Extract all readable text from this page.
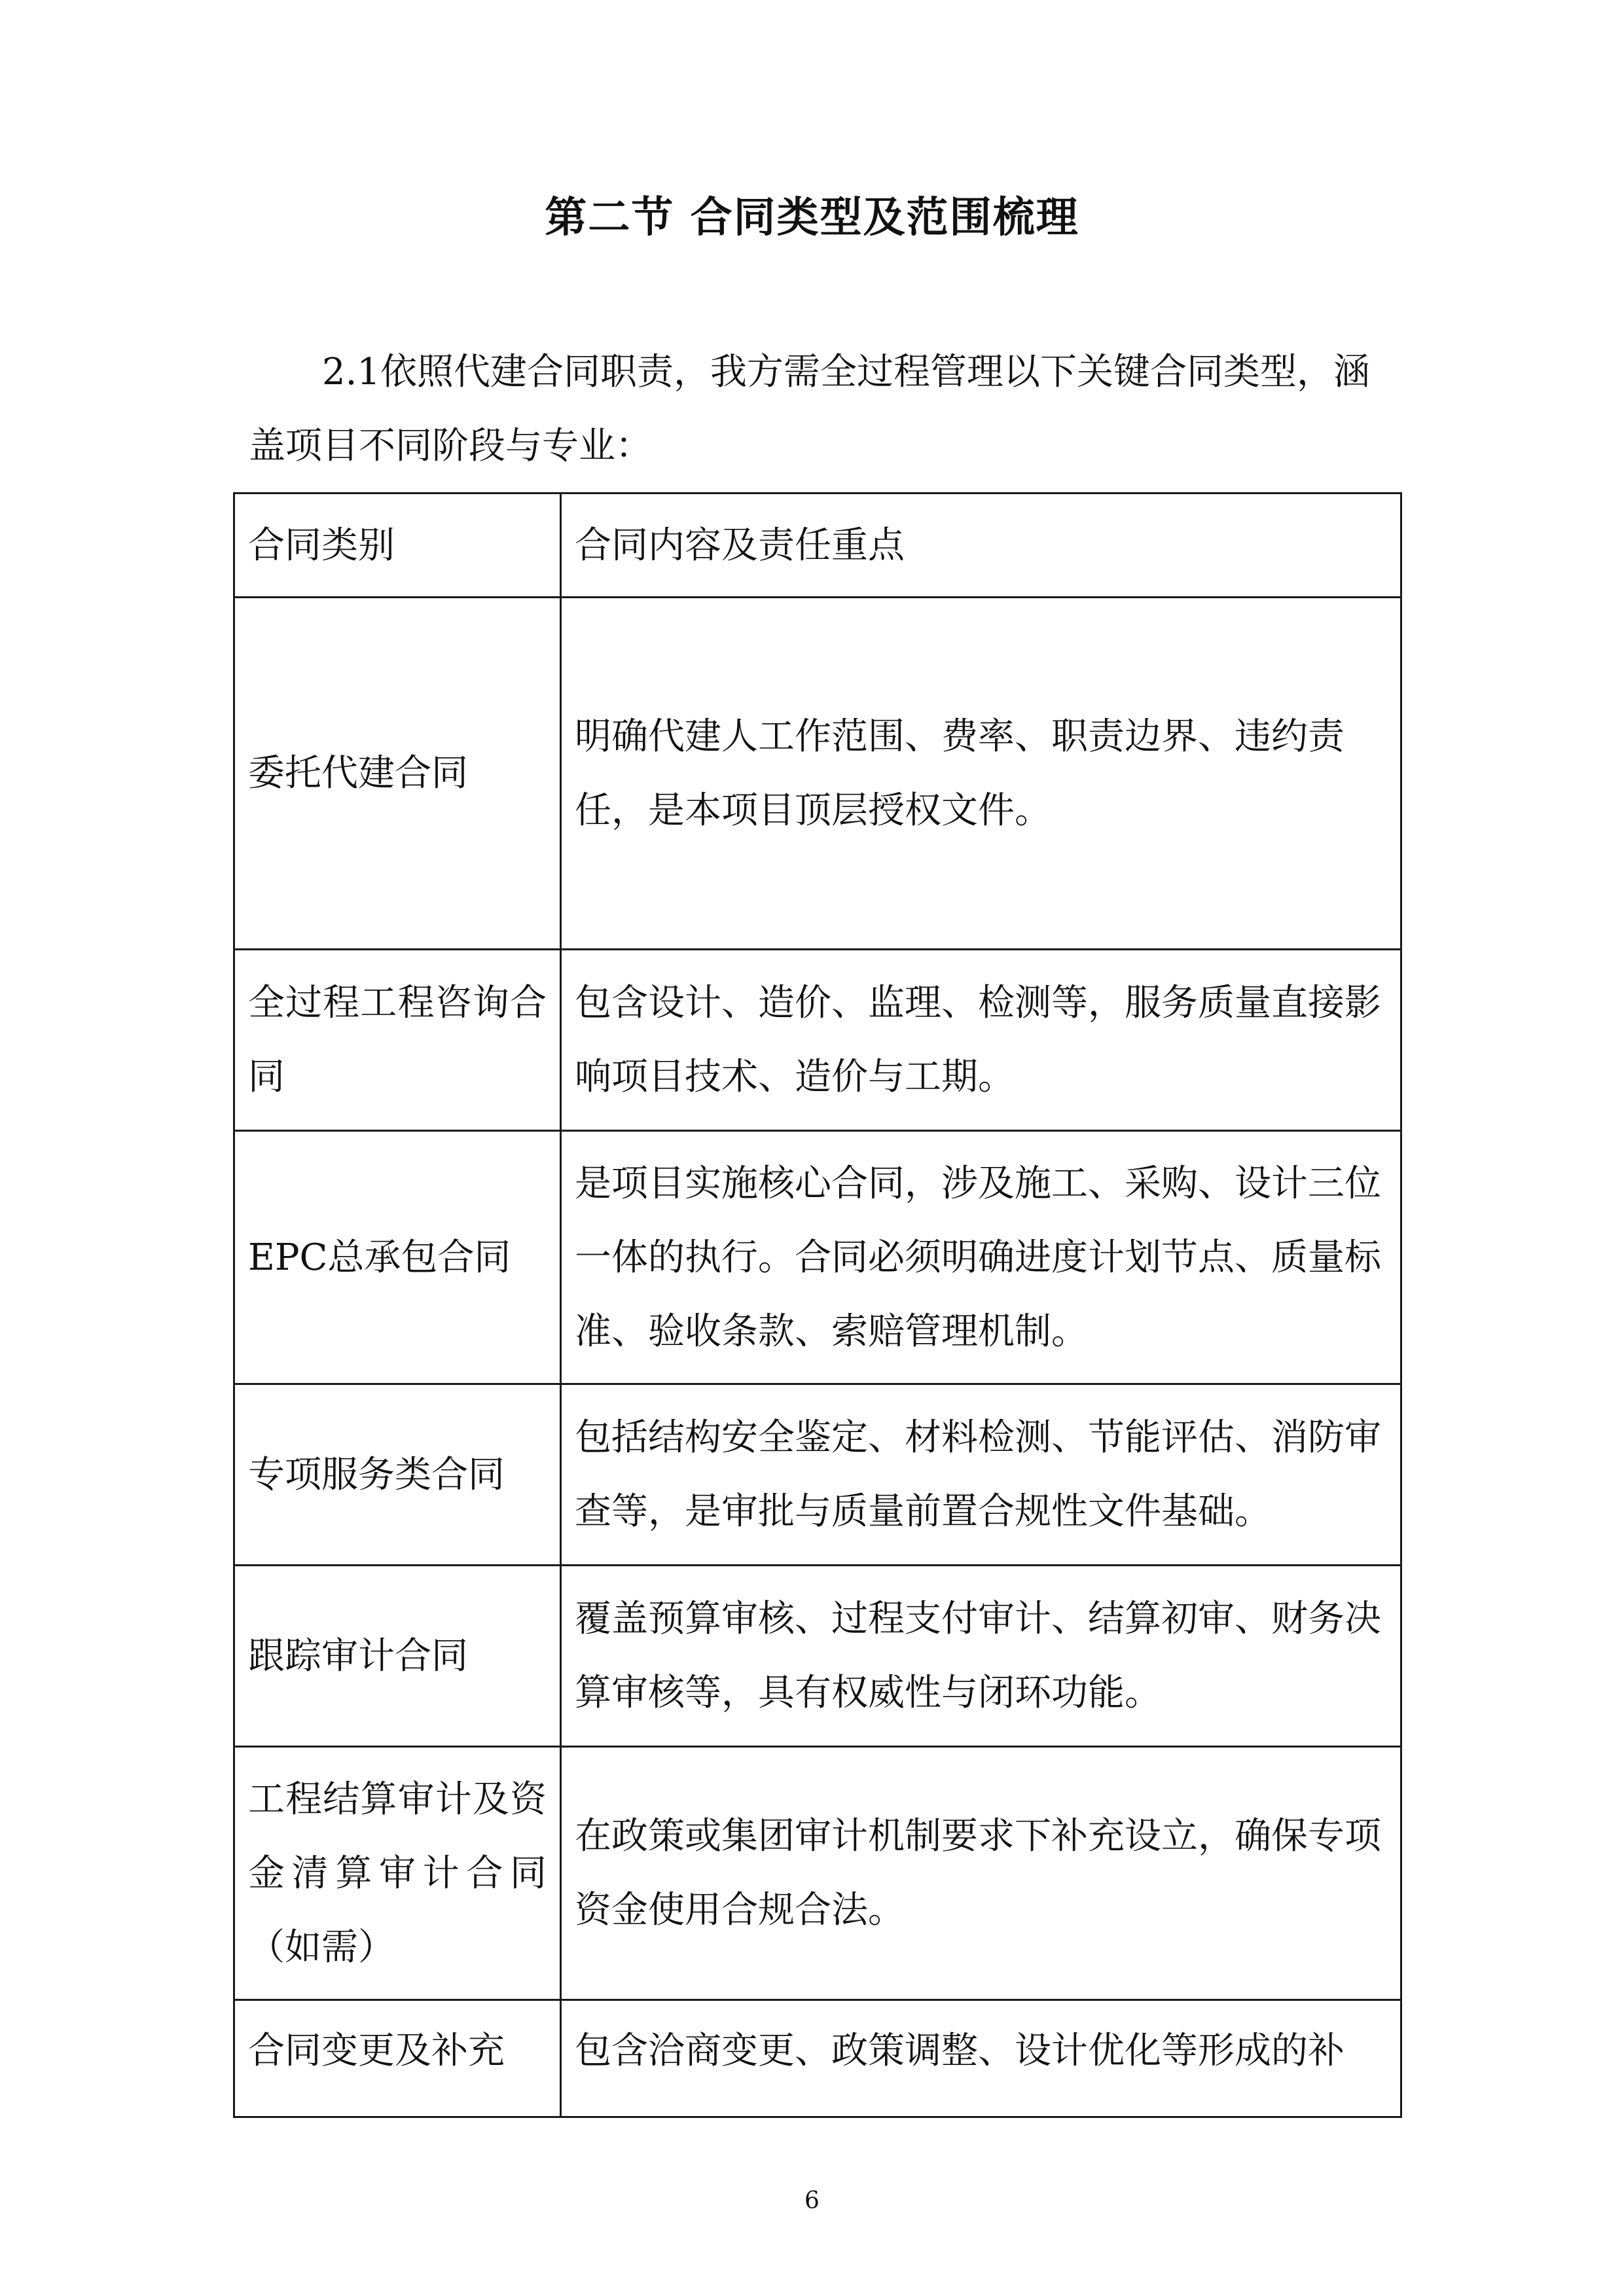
第二节 合同类型及范围梳理

2.1依照代建合同职责，我方需全过程管理以下关键合同类型，涵盖项目不同阶段与专业：

合同类别	合同内容及责任重点
委托代建合同	明确代建人工作范围、费率、职责边界、违约责任，是本项目顶层授权文件。
全过程工程咨询合同	包含设计、造价、监理、检测等，服务质量直接影响项目技术、造价与工期。
EPC总承包合同	是项目实施核心合同，涉及施工、采购、设计三位一体的执行。合同必须明确进度计划节点、质量标准、验收条款、索赔管理机制。
专项服务类合同	包括结构安全鉴定、材料检测、节能评估、消防审查等，是审批与质量前置合规性文件基础。
跟踪审计合同	覆盖预算审核、过程支付审计、结算初审、财务决算审核等，具有权威性与闭环功能。
工程结算审计及资金清算审计合同（如需）	在政策或集团审计机制要求下补充设立，确保专项资金使用合规合法。
合同变更及补充	包含洽商变更、政策调整、设计优化等形成的补
6
